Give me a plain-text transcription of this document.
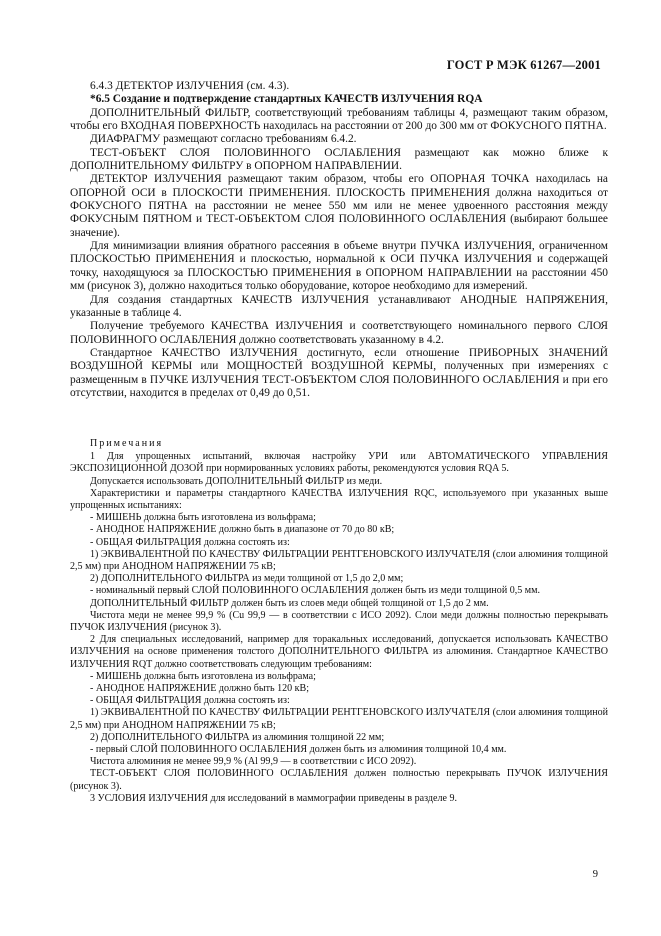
ГОСТ Р МЭК 61267—2001

6.4.3 ДЕТЕКТОР ИЗЛУЧЕНИЯ (см. 4.3).

*6.5 Создание и подтверждение стандартных КАЧЕСТВ ИЗЛУЧЕНИЯ RQA

ДОПОЛНИТЕЛЬНЫЙ ФИЛЬТР, соответствующий требованиям таблицы 4, размещают таким образом, чтобы его ВХОДНАЯ ПОВЕРХНОСТЬ находилась на расстоянии от 200 до 300 мм от ФОКУСНОГО ПЯТНА.

ДИАФРАГМУ размещают согласно требованиям 6.4.2.

ТЕСТ-ОБЪЕКТ СЛОЯ ПОЛОВИННОГО ОСЛАБЛЕНИЯ размещают как можно ближе к ДОПОЛНИТЕЛЬНОМУ ФИЛЬТРУ в ОПОРНОМ НАПРАВЛЕНИИ.

ДЕТЕКТОР ИЗЛУЧЕНИЯ размещают таким образом, чтобы его ОПОРНАЯ ТОЧКА находилась на ОПОРНОЙ ОСИ в ПЛОСКОСТИ ПРИМЕНЕНИЯ. ПЛОСКОСТЬ ПРИМЕНЕНИЯ должна находиться от ФОКУСНОГО ПЯТНА на расстоянии не менее 550 мм или не менее удвоенного расстояния между ФОКУСНЫМ ПЯТНОМ и ТЕСТ-ОБЪЕКТОМ СЛОЯ ПОЛОВИННОГО ОСЛАБЛЕНИЯ (выбирают большее значение).

Для минимизации влияния обратного рассеяния в объеме внутри ПУЧКА ИЗЛУЧЕНИЯ, ограниченном ПЛОСКОСТЬЮ ПРИМЕНЕНИЯ и плоскостью, нормальной к ОСИ ПУЧКА ИЗЛУЧЕНИЯ и содержащей точку, находящуюся за ПЛОСКОСТЬЮ ПРИМЕНЕНИЯ в ОПОРНОМ НАПРАВЛЕНИИ на расстоянии 450 мм (рисунок 3), должно находиться только оборудование, которое необходимо для измерений.

Для создания стандартных КАЧЕСТВ ИЗЛУЧЕНИЯ устанавливают АНОДНЫЕ НАПРЯЖЕНИЯ, указанные в таблице 4.

Получение требуемого КАЧЕСТВА ИЗЛУЧЕНИЯ и соответствующего номинального первого СЛОЯ ПОЛОВИННОГО ОСЛАБЛЕНИЯ должно соответствовать указанному в 4.2.

Стандартное КАЧЕСТВО ИЗЛУЧЕНИЯ достигнуто, если отношение ПРИБОРНЫХ ЗНАЧЕНИЙ ВОЗДУШНОЙ КЕРМЫ или МОЩНОСТЕЙ ВОЗДУШНОЙ КЕРМЫ, полученных при измерениях с размещенным в ПУЧКЕ ИЗЛУЧЕНИЯ ТЕСТ-ОБЪЕКТОМ СЛОЯ ПОЛОВИННОГО ОСЛАБЛЕНИЯ и при его отсутствии, находится в пределах от 0,49 до 0,51.

Примечания

1 Для упрощенных испытаний, включая настройку УРИ или АВТОМАТИЧЕСКОГО УПРАВЛЕНИЯ ЭКСПОЗИЦИОННОЙ ДОЗОЙ при нормированных условиях работы, рекомендуются условия RQA 5.

Допускается использовать ДОПОЛНИТЕЛЬНЫЙ ФИЛЬТР из меди.

Характеристики и параметры стандартного КАЧЕСТВА ИЗЛУЧЕНИЯ RQC, используемого при указанных выше упрощенных испытаниях:

- МИШЕНЬ должна быть изготовлена из вольфрама;

- АНОДНОЕ НАПРЯЖЕНИЕ должно быть в диапазоне от 70 до 80 кВ;

- ОБЩАЯ ФИЛЬТРАЦИЯ должна состоять из:

1) ЭКВИВАЛЕНТНОЙ ПО КАЧЕСТВУ ФИЛЬТРАЦИИ РЕНТГЕНОВСКОГО ИЗЛУЧАТЕЛЯ (слои алюминия толщиной 2,5 мм) при АНОДНОМ НАПРЯЖЕНИИ 75 кВ;

2) ДОПОЛНИТЕЛЬНОГО ФИЛЬТРА из меди толщиной от 1,5 до 2,0 мм;

- номинальный первый СЛОЙ ПОЛОВИННОГО ОСЛАБЛЕНИЯ должен быть из меди толщиной 0,5 мм.

ДОПОЛНИТЕЛЬНЫЙ ФИЛЬТР должен быть из слоев меди общей толщиной от 1,5 до 2 мм.

Чистота меди не менее 99,9 % (Cu 99,9 — в соответствии с ИСО 2092). Слои меди должны полностью перекрывать ПУЧОК ИЗЛУЧЕНИЯ (рисунок 3).

2 Для специальных исследований, например для торакальных исследований, допускается использовать КАЧЕСТВО ИЗЛУЧЕНИЯ на основе применения толстого ДОПОЛНИТЕЛЬНОГО ФИЛЬТРА из алюминия. Стандартное КАЧЕСТВО ИЗЛУЧЕНИЯ RQT должно соответствовать следующим требованиям:

- МИШЕНЬ должна быть изготовлена из вольфрама;

- АНОДНОЕ НАПРЯЖЕНИЕ должно быть 120 кВ;

- ОБЩАЯ ФИЛЬТРАЦИЯ должна состоять из:

1) ЭКВИВАЛЕНТНОЙ ПО КАЧЕСТВУ ФИЛЬТРАЦИИ РЕНТГЕНОВСКОГО ИЗЛУЧАТЕЛЯ (слои алюминия толщиной 2,5 мм) при АНОДНОМ НАПРЯЖЕНИИ 75 кВ;

2) ДОПОЛНИТЕЛЬНОГО ФИЛЬТРА из алюминия толщиной 22 мм;

- первый СЛОЙ ПОЛОВИННОГО ОСЛАБЛЕНИЯ должен быть из алюминия толщиной 10,4 мм.

Чистота алюминия не менее 99,9 % (Al 99,9 — в соответствии с ИСО 2092).

ТЕСТ-ОБЪЕКТ СЛОЯ ПОЛОВИННОГО ОСЛАБЛЕНИЯ должен полностью перекрывать ПУЧОК ИЗЛУЧЕНИЯ (рисунок 3).

3 УСЛОВИЯ ИЗЛУЧЕНИЯ для исследований в маммографии приведены в разделе 9.

9
